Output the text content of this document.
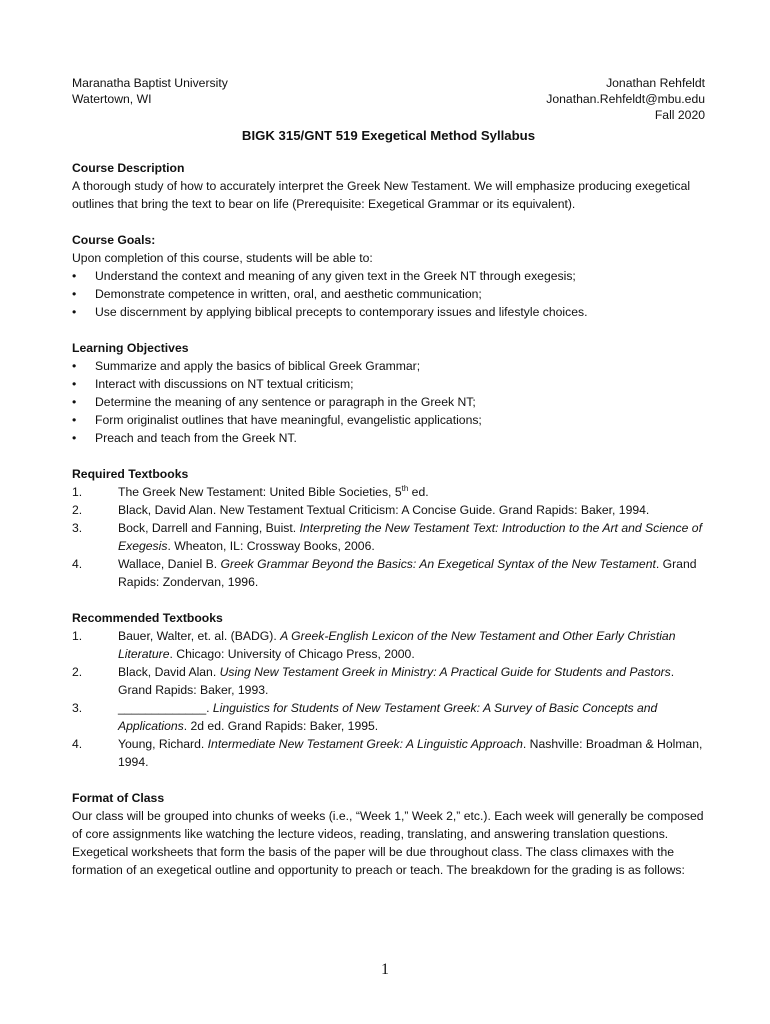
Maranatha Baptist University
Watertown, WI
Jonathan Rehfeldt
Jonathan.Rehfeldt@mbu.edu
Fall 2020
BIGK 315/GNT 519 Exegetical Method Syllabus
Course Description

A thorough study of how to accurately interpret the Greek New Testament. We will emphasize producing exegetical outlines that bring the text to bear on life (Prerequisite: Exegetical Grammar or its equivalent).

Course Goals:

Upon completion of this course, students will be able to:

• Understand the context and meaning of any given text in the Greek NT through exegesis;
• Demonstrate competence in written, oral, and aesthetic communication;
• Use discernment by applying biblical precepts to contemporary issues and lifestyle choices.
Learning Objectives
• Summarize and apply the basics of biblical Greek Grammar;
• Interact with discussions on NT textual criticism;
• Determine the meaning of any sentence or paragraph in the Greek NT;
• Form originalist outlines that have meaningful, evangelistic applications;
• Preach and teach from the Greek NT.
Required Textbooks
1.	The Greek New Testament: United Bible Societies, 5th ed.
2.	Black, David Alan. New Testament Textual Criticism: A Concise Guide. Grand Rapids: Baker, 1994.
3.	Bock, Darrell and Fanning, Buist. Interpreting the New Testament Text: Introduction to the Art and Science of Exegesis. Wheaton, IL: Crossway Books, 2006.
4.	Wallace, Daniel B. Greek Grammar Beyond the Basics: An Exegetical Syntax of the New Testament. Grand Rapids: Zondervan, 1996.
Recommended Textbooks
1.	Bauer, Walter, et. al. (BADG). A Greek-English Lexicon of the New Testament and Other Early Christian Literature. Chicago: University of Chicago Press, 2000.
2.	Black, David Alan. Using New Testament Greek in Ministry: A Practical Guide for Students and Pastors. Grand Rapids: Baker, 1993.
3.	_____________. Linguistics for Students of New Testament Greek: A Survey of Basic Concepts and Applications. 2d ed. Grand Rapids: Baker, 1995.
4.	Young, Richard. Intermediate New Testament Greek: A Linguistic Approach. Nashville: Broadman & Holman, 1994.
Format of Class

Our class will be grouped into chunks of weeks (i.e., “Week 1,” Week 2,” etc.). Each week will generally be composed of core assignments like watching the lecture videos, reading, translating, and answering translation questions. Exegetical worksheets that form the basis of the paper will be due throughout class. The class climaxes with the formation of an exegetical outline and opportunity to preach or teach. The breakdown for the grading is as follows:

1
